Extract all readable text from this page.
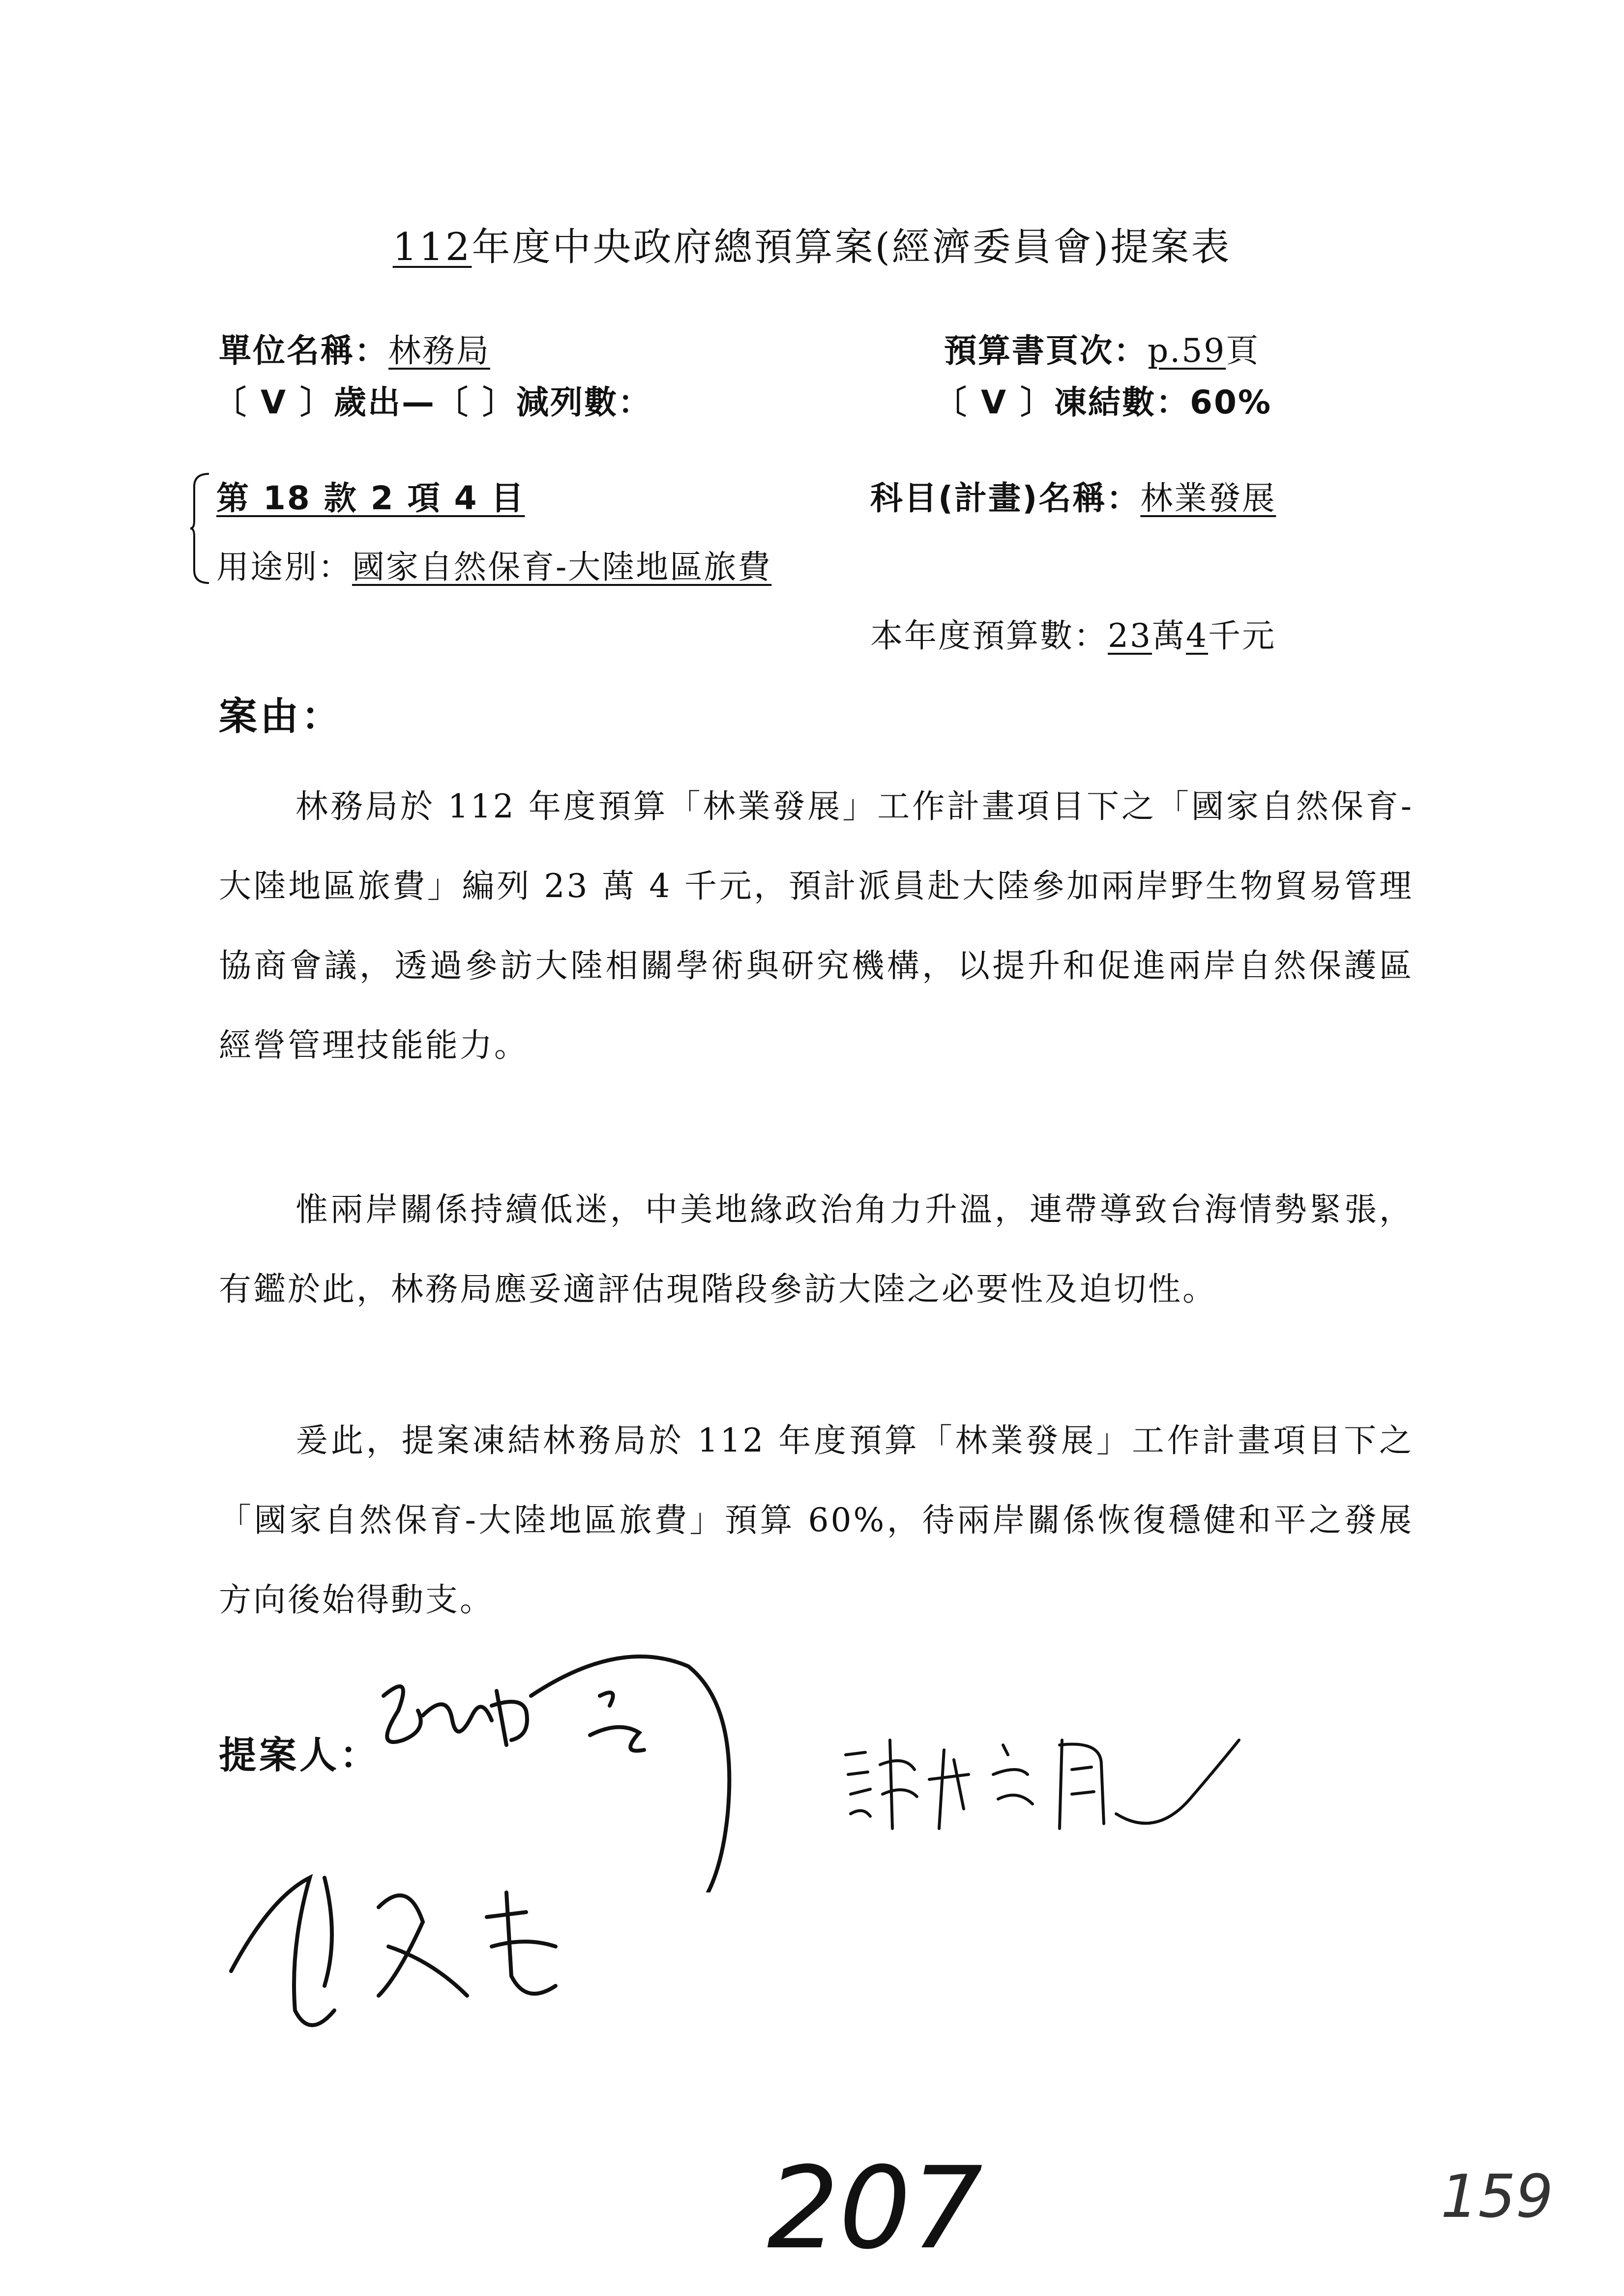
112年度中央政府總預算案(經濟委員會)提案表
單位名稱：林務局	預算書頁次：p.59頁
〔 V 〕歲出—〔 〕減列數：	〔 V 〕凍結數：60%
第 18 款 2 項 4 目	科目(計畫)名稱：林業發展
用途別：國家自然保育-大陸地區旅費
本年度預算數：23萬4千元
案由：

林務局於 112 年度預算「林業發展」工作計畫項目下之「國家自然保育-大陸地區旅費」編列 23 萬 4 千元，預計派員赴大陸參加兩岸野生物貿易管理協商會議，透過參訪大陸相關學術與研究機構，以提升和促進兩岸自然保護區經營管理技能能力。

惟兩岸關係持續低迷，中美地緣政治角力升溫，連帶導致台海情勢緊張，有鑑於此，林務局應妥適評估現階段參訪大陸之必要性及迫切性。

爰此，提案凍結林務局於 112 年度預算「林業發展」工作計畫項目下之「國家自然保育-大陸地區旅費」預算 60%，待兩岸關係恢復穩健和平之發展方向後始得動支。

提案人：
207	159
